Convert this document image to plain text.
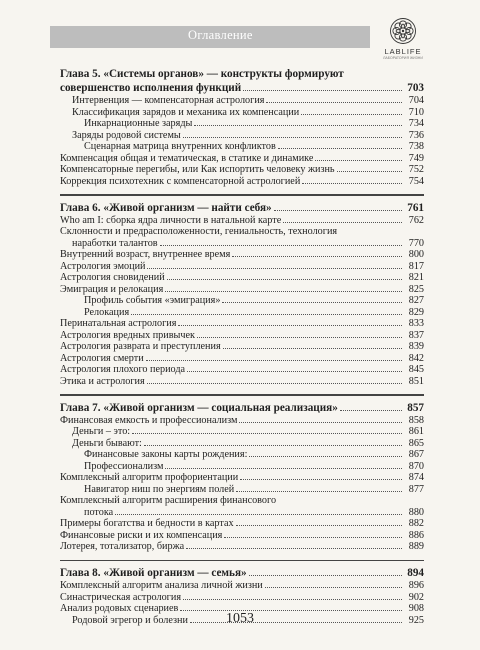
Оглавление
LABLIFE
ЛАБОРАТОРИЯ ЖИЗНИ
Глава 5. «Системы органов» — конструкты формируют
совершенство исполнения функций	703
Интервенция — компенсаторная астрология	704
Классификация зарядов и механика их компенсации	710
Инкарнационные заряды	734
Заряды родовой системы	736
Сценарная матрица внутренних конфликтов	738
Компенсация общая и тематическая, в статике и динамике	749
Компенсаторные перегибы, или Как испортить человеку жизнь	752
Коррекция психотехник с компенсаторной астрологией	754
Глава 6. «Живой организм — найти себя»	761
Who am I: сборка ядра личности в натальной карте	762
Склонности и предрасположенности, гениальность, технология
наработки талантов	770
Внутренний возраст, внутреннее время	800
Астрология эмоций	817
Астрология сновидений	821
Эмиграция и релокация	825
Профиль события «эмиграция»	827
Релокация	829
Перинатальная астрология	833
Астрология вредных привычек	837
Астрология разврата и преступления	839
Астрология смерти	842
Астрология плохого периода	845
Этика и астрология	851
Глава 7. «Живой организм — социальная реализация»	857
Финансовая емкость и профессионализм	858
Деньги – это:	861
Деньги бывают:	865
Финансовые законы карты рождения:	867
Профессионализм	870
Комплексный алгоритм профориентации	874
Навигатор ниш по энергиям полей	877
Комплексный алгоритм расширения финансового
потока	880
Примеры богатства и бедности в картах	882
Финансовые риски и их компенсация	886
Лотерея, тотализатор, биржа	889
Глава 8. «Живой организм — семья»	894
Комплексный алгоритм анализа личной жизни	896
Синастрическая астрология	902
Анализ родовых сценариев	908
Родовой эгрегор и болезни	925
1053
